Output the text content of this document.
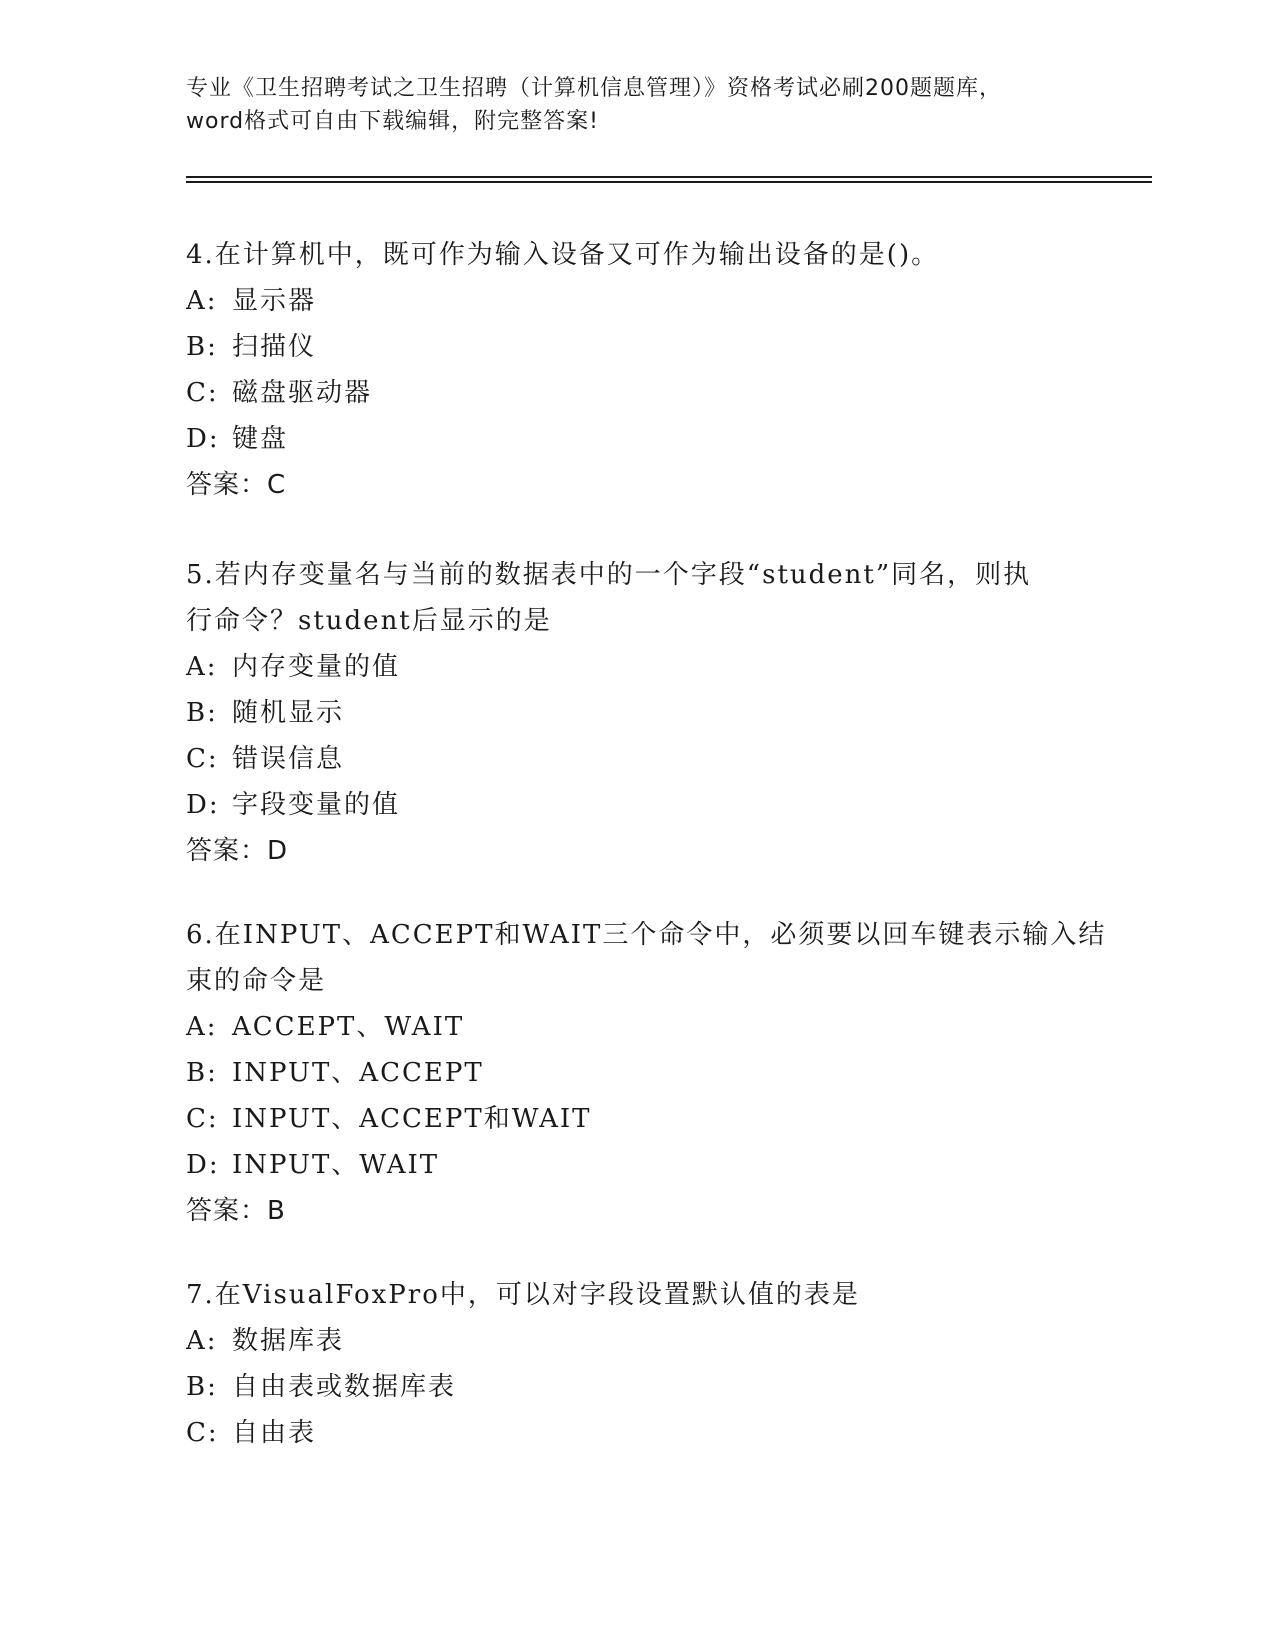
专业《卫生招聘考试之卫生招聘（计算机信息管理）》资格考试必刷200题题库，
word格式可自由下载编辑，附完整答案!
4.在计算机中，既可作为输入设备又可作为输出设备的是()。
A: 显示器
B: 扫描仪
C: 磁盘驱动器
D: 键盘
答案：C
5.若内存变量名与当前的数据表中的一个字段“student”同名，则执
行命令？student后显示的是
A: 内存变量的值
B: 随机显示
C: 错误信息
D: 字段变量的值
答案：D
6.在INPUT、ACCEPT和WAIT三个命令中，必须要以回车键表示输入结
束的命令是
A: ACCEPT、WAIT
B: INPUT、ACCEPT
C: INPUT、ACCEPT和WAIT
D: INPUT、WAIT
答案：B
7.在VisualFoxPro中，可以对字段设置默认值的表是
A: 数据库表
B: 自由表或数据库表
C: 自由表
